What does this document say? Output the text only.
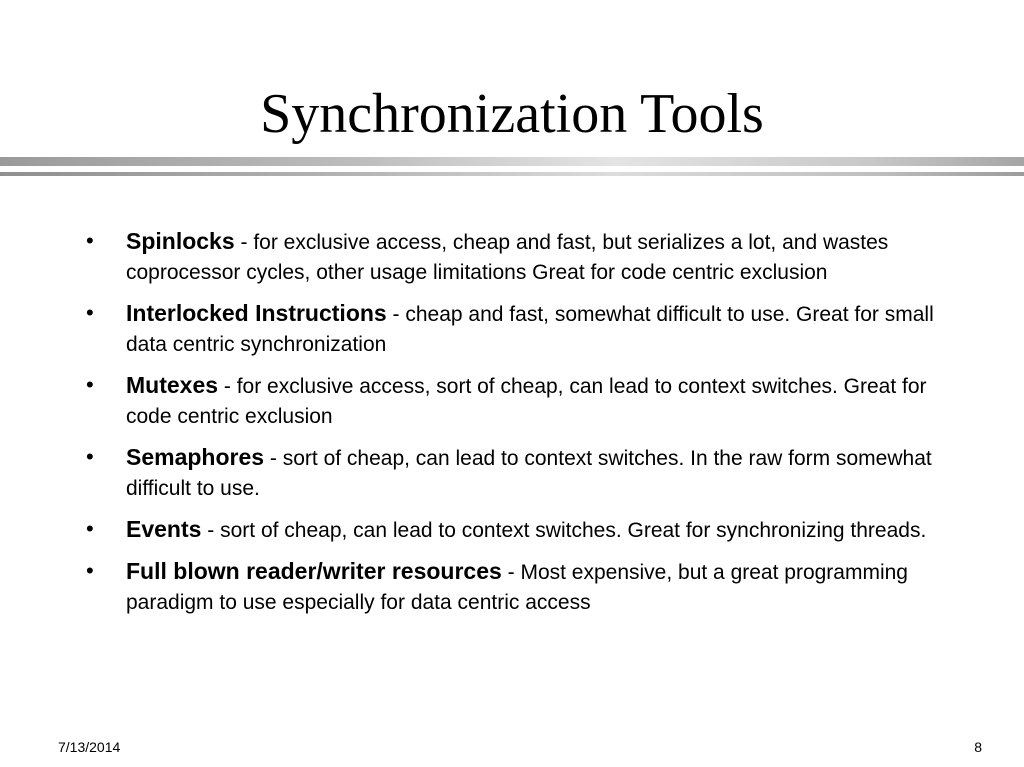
Synchronization Tools
• Spinlocks - for exclusive access, cheap and fast, but serializes a lot, and wastes coprocessor cycles, other usage limitations Great for code centric exclusion
• Interlocked Instructions - cheap and fast, somewhat difficult to use. Great for small data centric synchronization
• Mutexes - for exclusive access, sort of cheap, can lead to context switches. Great for code centric exclusion
• Semaphores - sort of cheap, can lead to context switches. In the raw form somewhat difficult to use.
• Events - sort of cheap, can lead to context switches. Great for synchronizing threads.
• Full blown reader/writer resources - Most expensive, but a great programming paradigm to use especially for data centric access
7/13/2014	8
